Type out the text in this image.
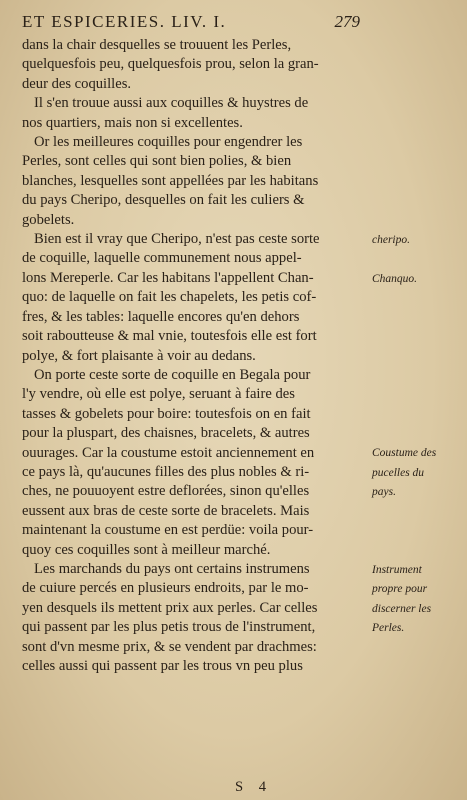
ET ESPICERIES. LIV. I.	279
dans la chair desquelles se trouuent les Perles,
quelquesfois peu, quelquesfois prou, selon la gran-
deur des coquilles.
Il s'en trouue aussi aux coquilles & huystres de
nos quartiers, mais non si excellentes.
Or les meilleures coquilles pour engendrer les
Perles, sont celles qui sont bien polies, & bien
blanches, lesquelles sont appellées par les habitans
du pays Cheripo, desquelles on fait les culiers &
gobelets.
Bien est il vray que Cheripo, n'est pas ceste sorte
de coquille, laquelle communement nous appel-
lons Mereperle. Car les habitans l'appellent Chan-
quo: de laquelle on fait les chapelets, les petis cof-
fres, & les tables: laquelle encores qu'en dehors
soit raboutteuse & mal vnie, toutesfois elle est fort
polye, & fort plaisante à voir au dedans.
On porte ceste sorte de coquille en Begala pour
l'y vendre, où elle est polye, seruant à faire des
tasses & gobelets pour boire: toutesfois on en fait
pour la pluspart, des chaisnes, bracelets, & autres
ouurages. Car la coustume estoit anciennement en
ce pays là, qu'aucunes filles des plus nobles & ri-
ches, ne pouuoyent estre deflorées, sinon qu'elles
eussent aux bras de ceste sorte de bracelets. Mais
maintenant la coustume en est perdüe: voila pour-
quoy ces coquilles sont à meilleur marché.
Les marchands du pays ont certains instrumens
de cuiure percés en plusieurs endroits, par le mo-
yen desquels ils mettent prix aux perles. Car celles
qui passent par les plus petis trous de l'instrument,
sont d'vn mesme prix, & se vendent par drachmes:
celles aussi qui passent par les trous vn peu plus
cheripo.
Chanquo.
Coustume des
pucelles du
pays.
Instrument
propre pour
discerner les
Perles.
S 4
